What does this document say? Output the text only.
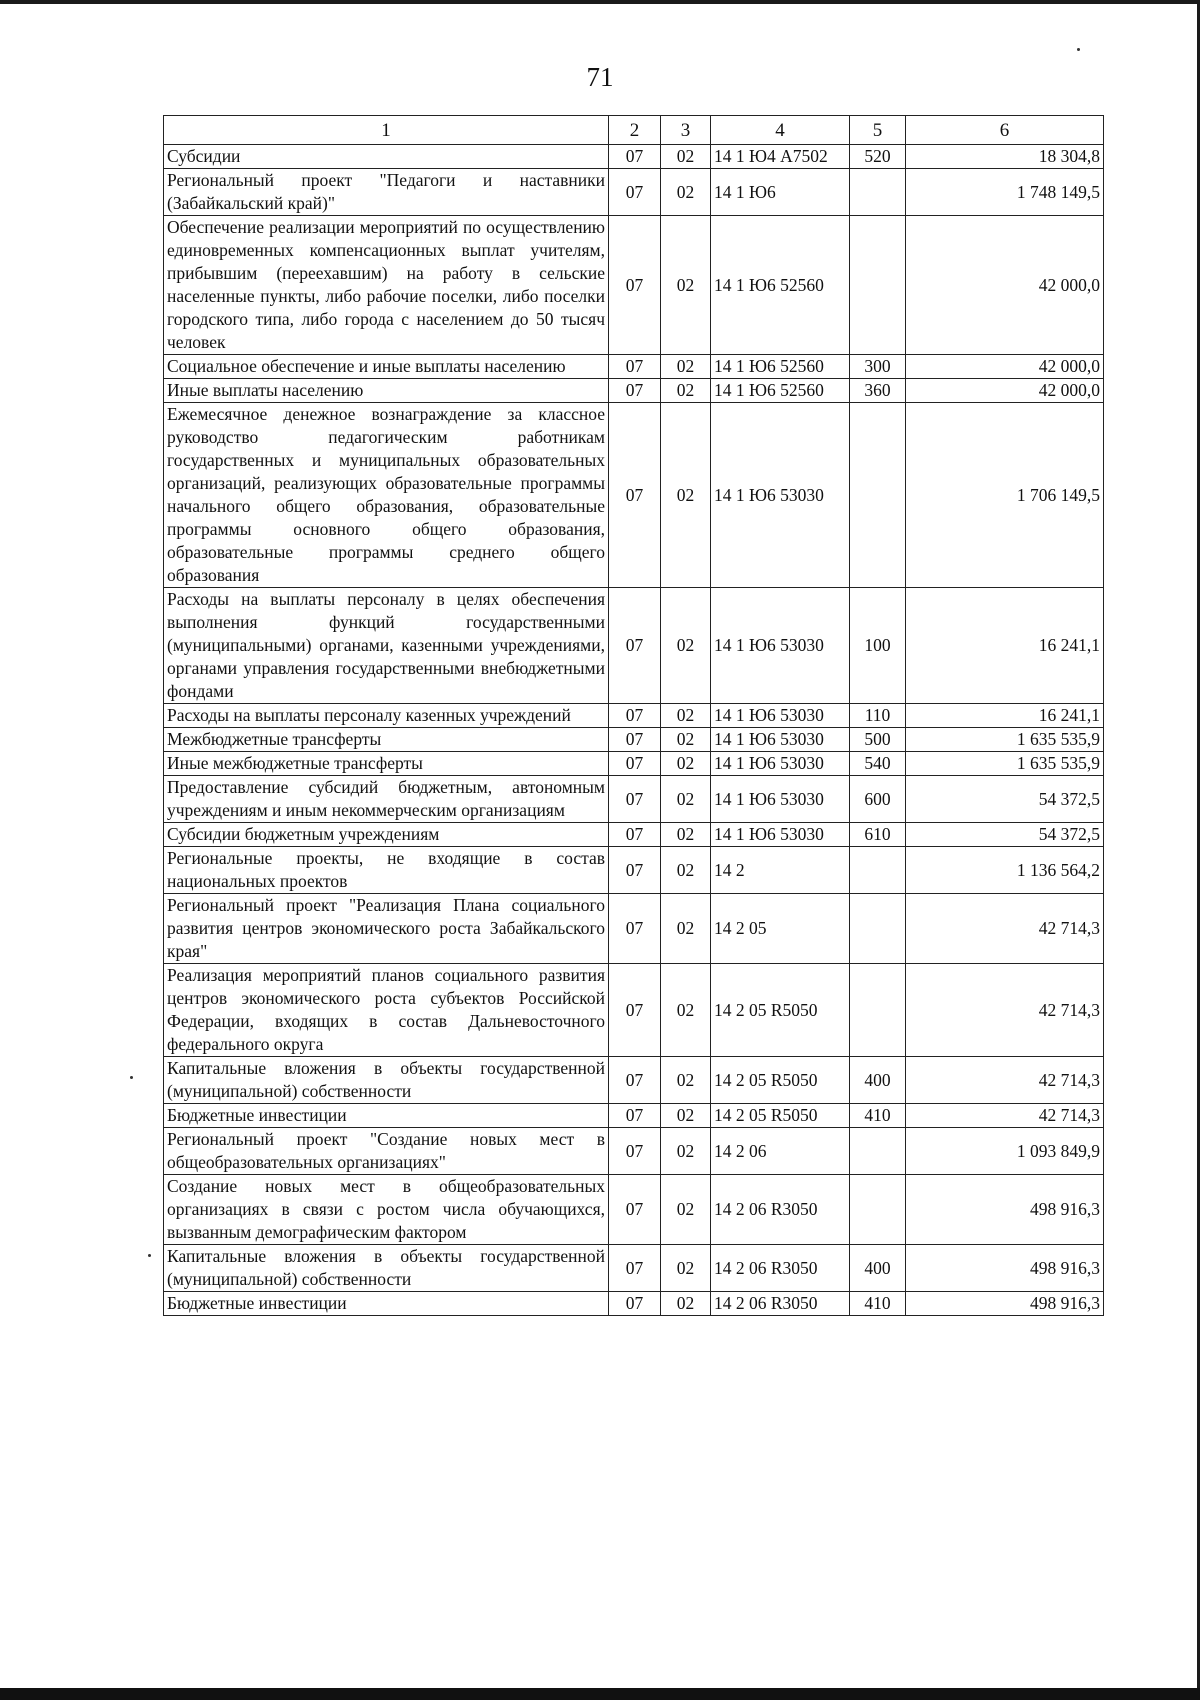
71
1	2	3	4	5	6
Субсидии	07	02	14 1 Ю4 А7502	520	18 304,8
Региональный проект "Педагоги и наставники (Забайкальский край)"	07	02	14 1 Ю6		1 748 149,5
Обеспечение реализации мероприятий по осуществлению единовременных компенсационных выплат учителям, прибывшим (переехавшим) на работу в сельские населенные пункты, либо рабочие поселки, либо поселки городского типа, либо города с населением до 50 тысяч человек	07	02	14 1 Ю6 52560		42 000,0
Социальное обеспечение и иные выплаты населению	07	02	14 1 Ю6 52560	300	42 000,0
Иные выплаты населению	07	02	14 1 Ю6 52560	360	42 000,0
Ежемесячное денежное вознаграждение за классное руководство педагогическим работникам государственных и муниципальных образовательных организаций, реализующих образовательные программы начального общего образования, образовательные программы основного общего образования, образовательные программы среднего общего образования	07	02	14 1 Ю6 53030		1 706 149,5
Расходы на выплаты персоналу в целях обеспечения выполнения функций государственными (муниципальными) органами, казенными учреждениями, органами управления государственными внебюджетными фондами	07	02	14 1 Ю6 53030	100	16 241,1
Расходы на выплаты персоналу казенных учреждений	07	02	14 1 Ю6 53030	110	16 241,1
Межбюджетные трансферты	07	02	14 1 Ю6 53030	500	1 635 535,9
Иные межбюджетные трансферты	07	02	14 1 Ю6 53030	540	1 635 535,9
Предоставление субсидий бюджетным, автономным учреждениям и иным некоммерческим организациям	07	02	14 1 Ю6 53030	600	54 372,5
Субсидии бюджетным учреждениям	07	02	14 1 Ю6 53030	610	54 372,5
Региональные проекты, не входящие в состав национальных проектов	07	02	14 2		1 136 564,2
Региональный проект "Реализация Плана социального развития центров экономического роста Забайкальского края"	07	02	14 2 05		42 714,3
Реализация мероприятий планов социального развития центров экономического роста субъектов Российской Федерации, входящих в состав Дальневосточного федерального округа	07	02	14 2 05 R5050		42 714,3
Капитальные вложения в объекты государственной (муниципальной) собственности	07	02	14 2 05 R5050	400	42 714,3
Бюджетные инвестиции	07	02	14 2 05 R5050	410	42 714,3
Региональный проект "Создание новых мест в общеобразовательных организациях"	07	02	14 2 06		1 093 849,9
Создание новых мест в общеобразовательных организациях в связи с ростом числа обучающихся, вызванным демографическим фактором	07	02	14 2 06 R3050		498 916,3
Капитальные вложения в объекты государственной (муниципальной) собственности	07	02	14 2 06 R3050	400	498 916,3
Бюджетные инвестиции	07	02	14 2 06 R3050	410	498 916,3
